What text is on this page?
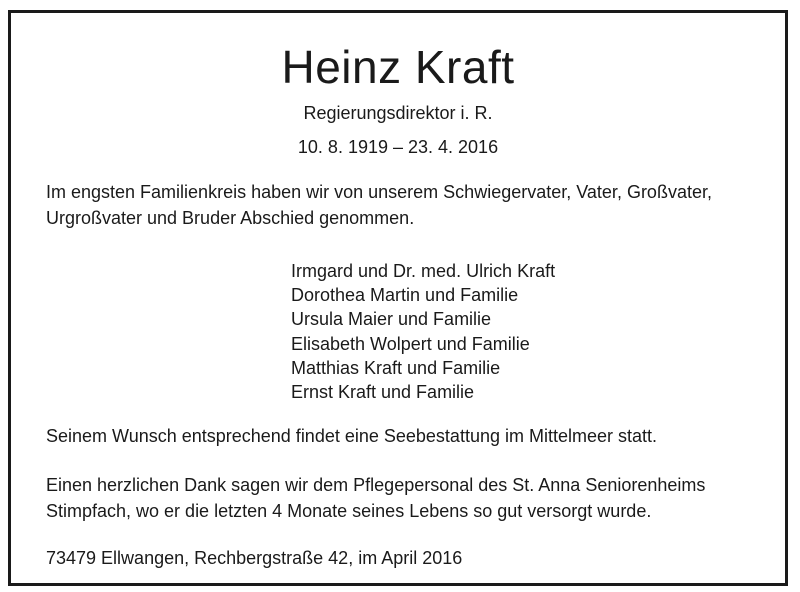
Heinz Kraft
Regierungsdirektor i. R.
10. 8. 1919 – 23. 4. 2016

Im engsten Familienkreis haben wir von unserem Schwiegervater, Vater, Großvater,
Urgroßvater und Bruder Abschied genommen.

Irmgard und Dr. med. Ulrich Kraft
Dorothea Martin und Familie
Ursula Maier und Familie
Elisabeth Wolpert und Familie
Matthias Kraft und Familie
Ernst Kraft und Familie

Seinem Wunsch entsprechend findet eine Seebestattung im Mittelmeer statt.

Einen herzlichen Dank sagen wir dem Pflegepersonal des St. Anna Seniorenheims
Stimpfach, wo er die letzten 4 Monate seines Lebens so gut versorgt wurde.

73479 Ellwangen, Rechbergstraße 42, im April 2016
